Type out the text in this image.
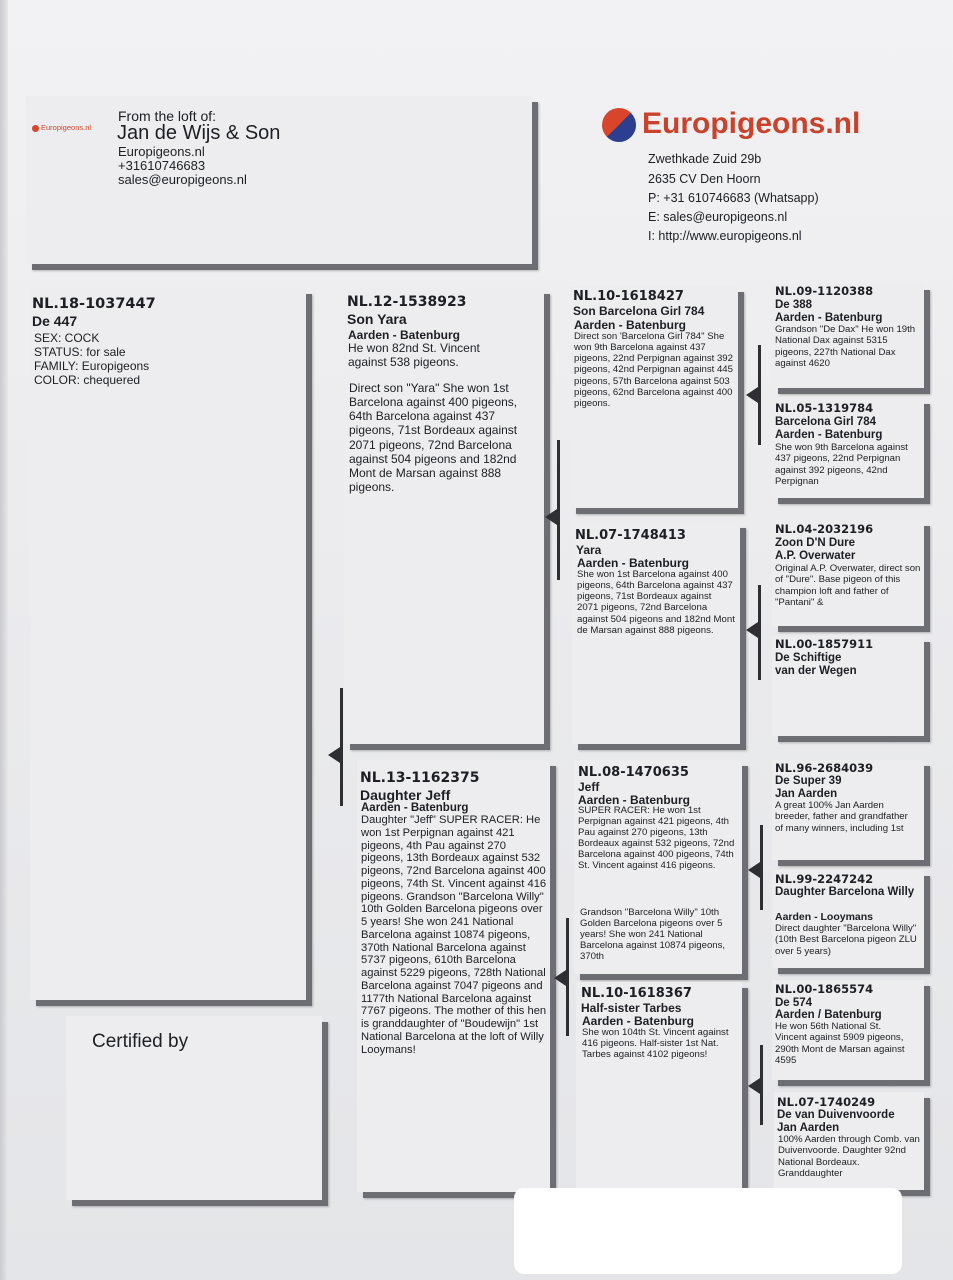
Europigeons.nl
From the loft of:
Jan de Wijs & Son
Europigeons.nl
+31610746683
sales@europigeons.nl
Europigeons.nl
Zwethkade Zuid 29b
2635 CV Den Hoorn
P: +31 610746683 (Whatsapp)
E: sales@europigeons.nl
I: http://www.europigeons.nl
NL.18-1037447
De 447
SEX: COCK
STATUS: for sale
FAMILY: Europigeons
COLOR: chequered
Certified by
NL.12-1538923
Son Yara
Aarden - Batenburg
He won 82nd St. Vincent against 538 pigeons.
Direct son "Yara" She won 1st Barcelona against 400 pigeons, 64th Barcelona against 437 pigeons, 71st Bordeaux against 2071 pigeons, 72nd Barcelona against 504 pigeons and 182nd Mont de Marsan against 888 pigeons.
NL.13-1162375
Daughter Jeff
Aarden - Batenburg
Daughter "Jeff" SUPER RACER: He won 1st Perpignan against 421 pigeons, 4th Pau against 270 pigeons, 13th Bordeaux against 532 pigeons, 72nd Barcelona against 400 pigeons, 74th St. Vincent against 416 pigeons. Grandson "Barcelona Willy" 10th Golden Barcelona pigeons over 5 years! She won 241 National Barcelona against 10874 pigeons, 370th National Barcelona against 5737 pigeons, 610th Barcelona against 5229 pigeons, 728th National Barcelona against 7047 pigeons and 1177th National Barcelona against 7767 pigeons. The mother of this hen is granddaughter of "Boudewijn" 1st National Barcelona at the loft of Willy Looymans!
NL.10-1618427
Son Barcelona Girl 784
Aarden - Batenburg
Direct son 'Barcelona Girl 784" She won 9th Barcelona against 437 pigeons, 22nd Perpignan against 392 pigeons, 42nd Perpignan against 445 pigeons, 57th Barcelona against 503 pigeons, 62nd Barcelona against 400 pigeons.
NL.07-1748413
Yara
Aarden - Batenburg
She won 1st Barcelona against 400 pigeons, 64th Barcelona against 437 pigeons, 71st Bordeaux against 2071 pigeons, 72nd Barcelona against 504 pigeons and 182nd Mont de Marsan against 888 pigeons.
NL.08-1470635
Jeff
Aarden - Batenburg
SUPER RACER: He won 1st Perpignan against 421 pigeons, 4th Pau against 270 pigeons, 13th Bordeaux against 532 pigeons, 72nd Barcelona against 400 pigeons, 74th St. Vincent against 416 pigeons.
Grandson "Barcelona Willy" 10th Golden Barcelona pigeons over 5 years! She won 241 National Barcelona against 10874 pigeons, 370th
NL.10-1618367
Half-sister Tarbes
Aarden - Batenburg
She won 104th St. Vincent against 416 pigeons. Half-sister 1st Nat. Tarbes against 4102 pigeons!
NL.09-1120388
De 388
Aarden - Batenburg
Grandson "De Dax" He won 19th National Dax against 5315 pigeons, 227th National Dax against 4620
NL.05-1319784
Barcelona Girl 784
Aarden - Batenburg
She won 9th Barcelona against 437 pigeons, 22nd Perpignan against 392 pigeons, 42nd Perpignan
NL.04-2032196
Zoon D'N Dure
A.P. Overwater
Original A.P. Overwater, direct son of "Dure". Base pigeon of this champion loft and father of "Pantani" &
NL.00-1857911
De Schiftige
van der Wegen
NL.96-2684039
De Super 39
Jan Aarden
A great 100% Jan Aarden breeder, father and grandfather of many winners, including 1st
NL.99-2247242
Daughter Barcelona Willy
Aarden - Looymans
Direct daughter "Barcelona Willy" (10th Best Barcelona pigeon ZLU over 5 years)
NL.00-1865574
De 574
Aarden / Batenburg
He won 56th National St. Vincent against 5909 pigeons, 290th Mont de Marsan against 4595
NL.07-1740249
De van Duivenvoorde
Jan Aarden
100% Aarden through Comb. van Duivenvoorde. Daughter 92nd National Bordeaux. Granddaughter
